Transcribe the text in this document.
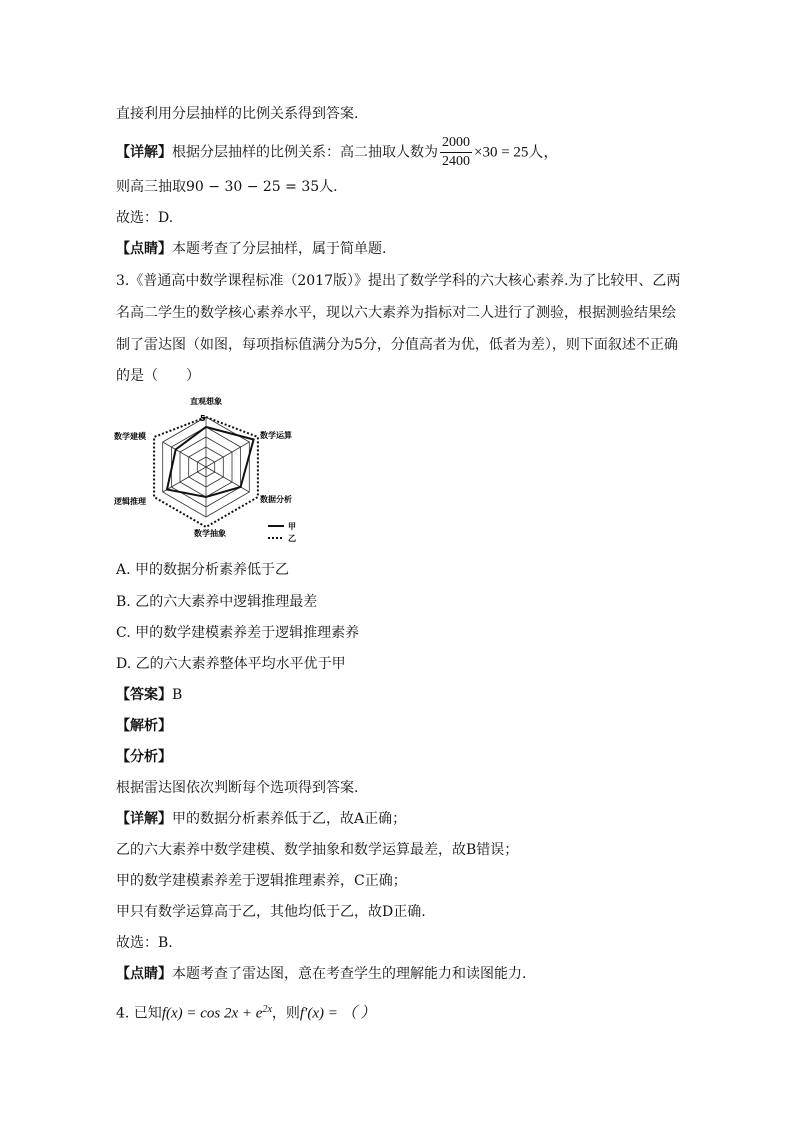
直接利用分层抽样的比例关系得到答案.
【详解】根据分层抽样的比例关系：高二抽取人数为 $\frac{2000}{2400} \times 30 = 25$人，
则高三抽取90 − 30 − 25 = 35人.
故选：D.
【点睛】本题考查了分层抽样，属于简单题.
3.《普通高中数学课程标准（2017版）》提出了数学学科的六大核心素养.为了比较甲、乙两
名高二学生的数学核心素养水平，现以六大素养为指标对二人进行了测验，根据测验结果绘
制了雷达图（如图，每项指标值满分为5分，分值高者为优，低者为差），则下面叙述不正确
的是（　　）
5
直观想象
数学运算
数据分析
数学抽象
逻辑推理
数学建模
甲
乙
A. 甲的数据分析素养低于乙
B. 乙的六大素养中逻辑推理最差
C. 甲的数学建模素养差于逻辑推理素养
D. 乙的六大素养整体平均水平优于甲
【答案】B
【解析】
【分析】
根据雷达图依次判断每个选项得到答案.
【详解】甲的数据分析素养低于乙，故A正确；
乙的六大素养中数学建模、数学抽象和数学运算最差，故B错误；
甲的数学建模素养差于逻辑推理素养，C正确；
甲只有数学运算高于乙，其他均低于乙，故D正确.
故选：B.
【点睛】本题考查了雷达图，意在考查学生的理解能力和读图能力.
4. 已知$f(x) = \cos 2x + e^{2x}$，则f′(x) = （ ）
